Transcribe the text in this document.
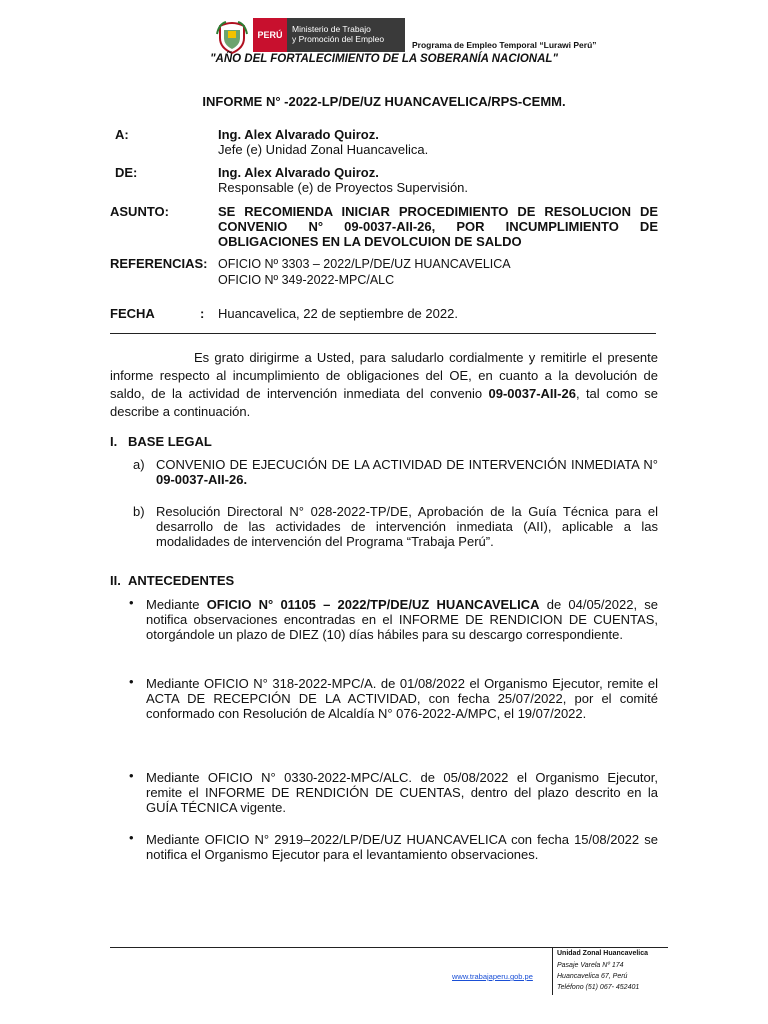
PERÚ
Ministerio de Trabajo
y Promoción del Empleo
Programa de Empleo Temporal “Lurawi Perú”
"AÑO DEL FORTALECIMIENTO DE LA SOBERANÍA NACIONAL"
INFORME N° -2022-LP/DE/UZ HUANCAVELICA/RPS-CEMM.
A:	Ing. Alex Alvarado Quiroz.
Jefe (e) Unidad Zonal Huancavelica.
DE:	Ing. Alex Alvarado Quiroz.
Responsable (e) de Proyectos Supervisión.
ASUNTO:	SE RECOMIENDA INICIAR PROCEDIMIENTO DE RESOLUCION DE CONVENIO N° 09-0037-AII-26, POR INCUMPLIMIENTO DE OBLIGACIONES EN LA DEVOLCUION DE SALDO
REFERENCIAS: OFICIO Nº 3303 – 2022/LP/DE/UZ HUANCAVELICA
OFICIO Nº 349-2022-MPC/ALC
FECHA	: Huancavelica, 22 de septiembre de 2022.
Es grato dirigirme a Usted, para saludarlo cordialmente y remitirle el presente informe respecto al incumplimiento de obligaciones del OE, en cuanto a la devolución de saldo, de la actividad de intervención inmediata del convenio 09-0037-AII-26, tal como se describe a continuación.
I. BASE LEGAL
a) CONVENIO DE EJECUCIÓN DE LA ACTIVIDAD DE INTERVENCIÓN INMEDIATA N° 09-0037-AII-26.
b) Resolución Directoral N° 028-2022-TP/DE, Aprobación de la Guía Técnica para el desarrollo de las actividades de intervención inmediata (AII), aplicable a las modalidades de intervención del Programa “Trabaja Perú”.
II. ANTECEDENTES
• Mediante OFICIO N° 01105 – 2022/TP/DE/UZ HUANCAVELICA de 04/05/2022, se notifica observaciones encontradas en el INFORME DE RENDICION DE CUENTAS, otorgándole un plazo de DIEZ (10) días hábiles para su descargo correspondiente.
• Mediante OFICIO N° 318-2022-MPC/A. de 01/08/2022 el Organismo Ejecutor, remite el ACTA DE RECEPCIÓN DE LA ACTIVIDAD, con fecha 25/07/2022, por el comité conformado con Resolución de Alcaldía N° 076-2022-A/MPC, el 19/07/2022.
• Mediante OFICIO N° 0330-2022-MPC/ALC. de 05/08/2022 el Organismo Ejecutor, remite el INFORME DE RENDICIÓN DE CUENTAS, dentro del plazo descrito en la GUÍA TÉCNICA vigente.
• Mediante OFICIO N° 2919–2022/LP/DE/UZ HUANCAVELICA con fecha 15/08/2022 se notifica el Organismo Ejecutor para el levantamiento observaciones.
www.trabajaperu.gob.pe
Unidad Zonal Huancavelica
Pasaje Varela Nº 174
Huancavelica 67, Perú
Teléfono (51) 067- 452401
